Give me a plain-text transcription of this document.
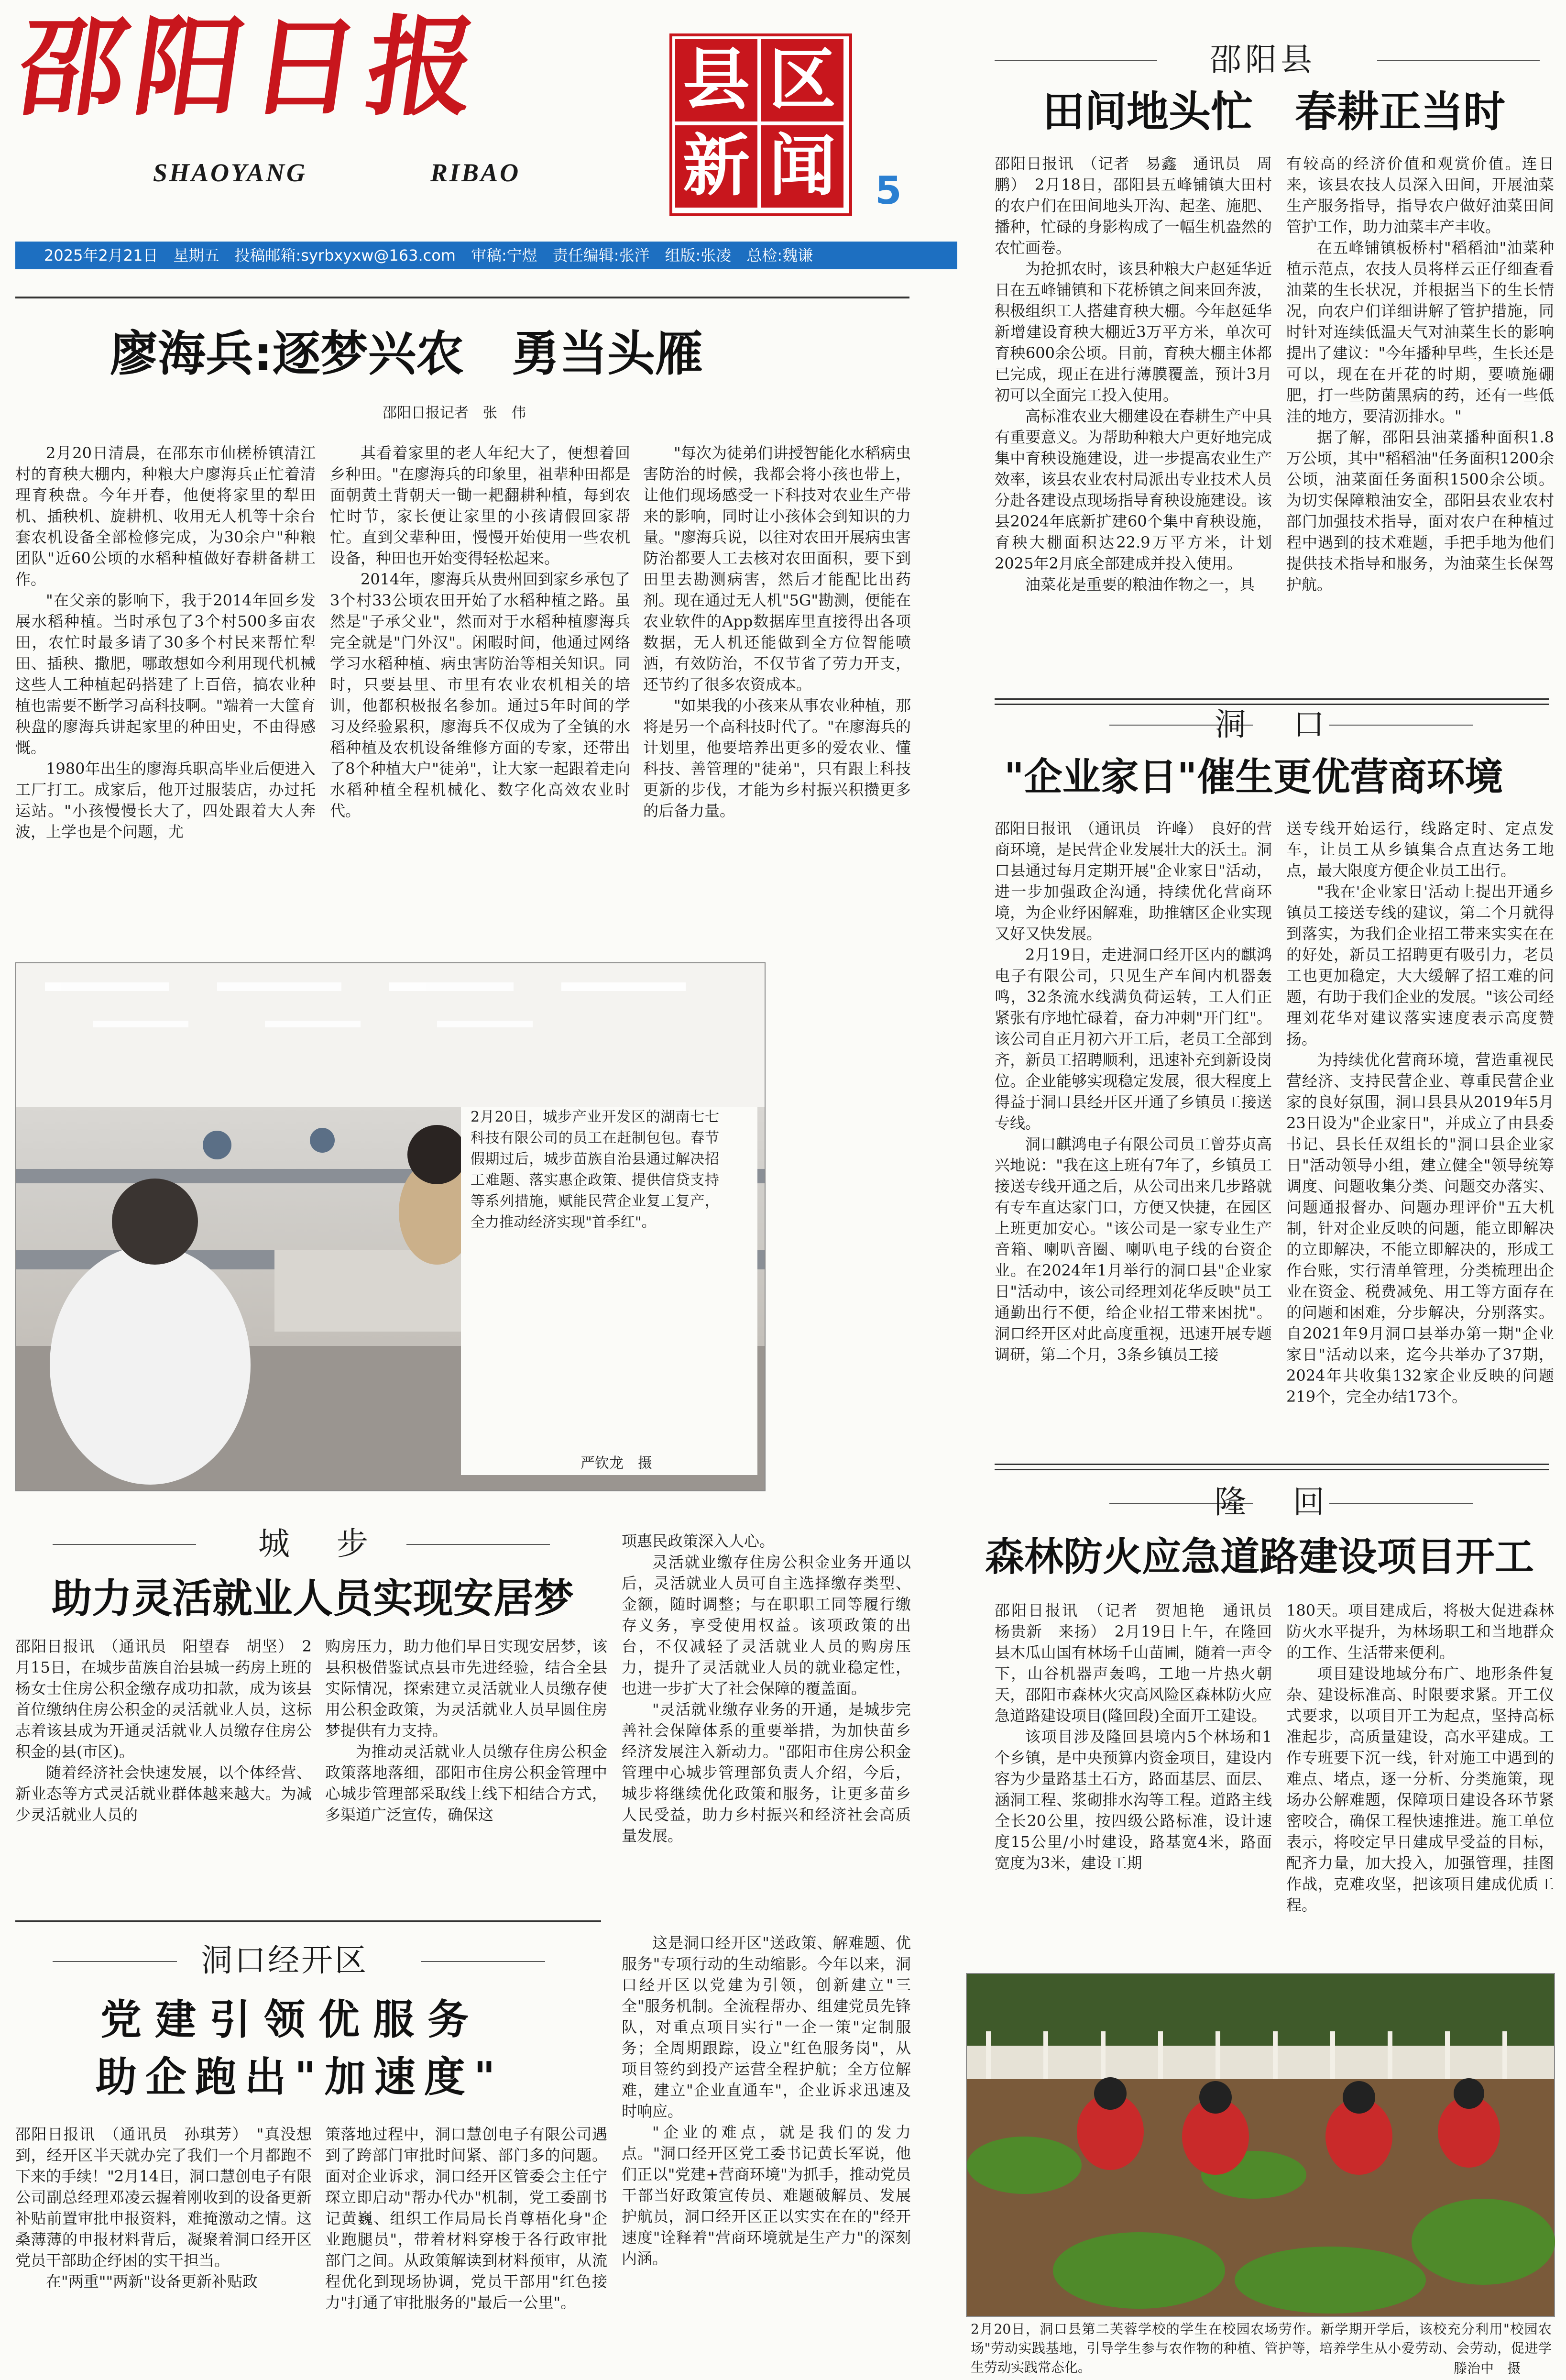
邵阳日报
SHAOYANG	RIBAO
县 区
新 闻 5
2025年2月21日　星期五　投稿邮箱:syrbxyxw@163.com　审稿:宁煜　责任编辑:张洋　组版:张凌　总检:魏谦
廖海兵:逐梦兴农　勇当头雁
邵阳日报记者　张　伟

2月20日清晨，在邵东市仙槎桥镇清江村的育秧大棚内，种粮大户廖海兵正忙着清理育秧盘。今年开春，他便将家里的犁田机、插秧机、旋耕机、收用无人机等十余台套农机设备全部检修完成，为30余户"种粮团队"近60公顷的水稻种植做好春耕备耕工作。

"在父亲的影响下，我于2014年回乡发展水稻种植。当时承包了3个村500多亩农田，农忙时最多请了30多个村民来帮忙犁田、插秧、撒肥，哪敢想如今利用现代机械这些人工种植起码搭建了上百倍，搞农业种植也需要不断学习高科技啊。"端着一大筐育秧盘的廖海兵讲起家里的种田史，不由得感慨。

1980年出生的廖海兵职高毕业后便进入工厂打工。成家后，他开过服装店，办过托运站。"小孩慢慢长大了，四处跟着大人奔波，上学也是个问题，尤

其看着家里的老人年纪大了，便想着回乡种田。"在廖海兵的印象里，祖辈种田都是面朝黄土背朝天一锄一耙翻耕种植，每到农忙时节，家长便让家里的小孩请假回家帮忙。直到父辈种田，慢慢开始使用一些农机设备，种田也开始变得轻松起来。

2014年，廖海兵从贵州回到家乡承包了3个村33公顷农田开始了水稻种植之路。虽然是"子承父业"，然而对于水稻种植廖海兵完全就是"门外汉"。闲暇时间，他通过网络学习水稻种植、病虫害防治等相关知识。同时，只要县里、市里有农业农机相关的培训，他都积极报名参加。通过5年时间的学习及经验累积，廖海兵不仅成为了全镇的水稻种植及农机设备维修方面的专家，还带出了8个种植大户"徒弟"，让大家一起跟着走向水稻种植全程机械化、数字化高效农业时代。

"每次为徒弟们讲授智能化水稻病虫害防治的时候，我都会将小孩也带上，让他们现场感受一下科技对农业生产带来的影响，同时让小孩体会到知识的力量。"廖海兵说，以往对农田开展病虫害防治都要人工去核对农田面积，要下到田里去勘测病害，然后才能配比出药剂。现在通过无人机"5G"勘测，便能在农业软件的App数据库里直接得出各项数据，无人机还能做到全方位智能喷洒，有效防治，不仅节省了劳力开支，还节约了很多农资成本。

"如果我的小孩来从事农业种植，那将是另一个高科技时代了。"在廖海兵的计划里，他要培养出更多的爱农业、懂科技、善管理的"徒弟"，只有跟上科技更新的步伐，才能为乡村振兴积攒更多的后备力量。

2月20日，城步产业开发区的湖南七七科技有限公司的员工在赶制包包。春节假期过后，城步苗族自治县通过解决招工难题、落实惠企政策、提供信贷支持等系列措施，赋能民营企业复工复产，全力推动经济实现"首季红"。
严钦龙　摄
城　步
助力灵活就业人员实现安居梦

邵阳日报讯　（通讯员　阳望春　胡坚）　2月15日，在城步苗族自治县城一药房上班的杨女士住房公积金缴存成功扣款，成为该县首位缴纳住房公积金的灵活就业人员，这标志着该县成为开通灵活就业人员缴存住房公积金的县(市区)。

随着经济社会快速发展，以个体经营、新业态等方式灵活就业群体越来越大。为减少灵活就业人员的

购房压力，助力他们早日实现安居梦，该县积极借鉴试点县市先进经验，结合全县实际情况，探索建立灵活就业人员缴存使用公积金政策，为灵活就业人员早圆住房梦提供有力支持。

为推动灵活就业人员缴存住房公积金政策落地落细，邵阳市住房公积金管理中心城步管理部采取线上线下相结合方式，多渠道广泛宣传，确保这

项惠民政策深入人心。

灵活就业缴存住房公积金业务开通以后，灵活就业人员可自主选择缴存类型、金额，随时调整；与在职职工同等履行缴存义务，享受使用权益。该项政策的出台，不仅减轻了灵活就业人员的购房压力，提升了灵活就业人员的就业稳定性，也进一步扩大了社会保障的覆盖面。

"灵活就业缴存业务的开通，是城步完善社会保障体系的重要举措，为加快苗乡经济发展注入新动力。"邵阳市住房公积金管理中心城步管理部负责人介绍，今后，城步将继续优化政策和服务，让更多苗乡人民受益，助力乡村振兴和经济社会高质量发展。

洞口经开区
党建引领优服务
助企跑出"加速度"

邵阳日报讯　（通讯员　孙琪芳）　"真没想到，经开区半天就办完了我们一个月都跑不下来的手续！"2月14日，洞口慧创电子有限公司副总经理邓凌云握着刚收到的设备更新补贴前置审批申报资料，难掩激动之情。这桑薄薄的申报材料背后，凝聚着洞口经开区党员干部助企纾困的实干担当。

在"两重""两新"设备更新补贴政

策落地过程中，洞口慧创电子有限公司遇到了跨部门审批时间紧、部门多的问题。面对企业诉求，洞口经开区管委会主任宁琛立即启动"帮办代办"机制，党工委副书记黄巍、组织工作局局长肖尊梧化身"企业跑腿员"，带着材料穿梭于各行政审批部门之间。从政策解读到材料预审，从流程优化到现场协调，党员干部用"红色接力"打通了审批服务的"最后一公里"。

这是洞口经开区"送政策、解难题、优服务"专项行动的生动缩影。今年以来，洞口经开区以党建为引领，创新建立"三全"服务机制。全流程帮办、组建党员先锋队，对重点项目实行"一企一策"定制服务；全周期跟踪，设立"红色服务岗"，从项目签约到投产运营全程护航；全方位解难，建立"企业直通车"，企业诉求迅速及时响应。

"企业的难点，就是我们的发力点。"洞口经开区党工委书记黄长军说，他们正以"党建+营商环境"为抓手，推动党员干部当好政策宣传员、难题破解员、发展护航员，洞口经开区正以实实在在的"经开速度"诠释着"营商环境就是生产力"的深刻内涵。

邵阳县
田间地头忙　春耕正当时

邵阳日报讯　（记者　易鑫　通讯员　周鹏）　2月18日，邵阳县五峰铺镇大田村的农户们在田间地头开沟、起垄、施肥、播种，忙碌的身影构成了一幅生机盎然的农忙画卷。

为抢抓农时，该县种粮大户赵延华近日在五峰铺镇和下花桥镇之间来回奔波，积极组织工人搭建育秧大棚。今年赵延华新增建设育秧大棚近3万平方米，单次可育秧600余公顷。目前，育秧大棚主体都已完成，现正在进行薄膜覆盖，预计3月初可以全面完工投入使用。

高标准农业大棚建设在春耕生产中具有重要意义。为帮助种粮大户更好地完成集中育秧设施建设，进一步提高农业生产效率，该县农业农村局派出专业技术人员分赴各建设点现场指导育秧设施建设。该县2024年底新扩建60个集中育秧设施，育秧大棚面积达22.9万平方米，计划2025年2月底全部建成并投入使用。

油菜花是重要的粮油作物之一，具

有较高的经济价值和观赏价值。连日来，该县农技人员深入田间，开展油菜生产服务指导，指导农户做好油菜田间管护工作，助力油菜丰产丰收。

在五峰铺镇板桥村"稻稻油"油菜种植示范点，农技人员将样云正仔细查看油菜的生长状况，并根据当下的生长情况，向农户们详细讲解了管护措施，同时针对连续低温天气对油菜生长的影响提出了建议："今年播种早些，生长还是可以，现在在开花的时期，要喷施硼肥，打一些防菌黑病的药，还有一些低洼的地方，要清沥排水。"

据了解，邵阳县油菜播种面积1.8万公顷，其中"稻稻油"任务面积1200余公顷，油菜面任务面积1500余公顷。为切实保障粮油安全，邵阳县农业农村部门加强技术指导，面对农户在种植过程中遇到的技术难题，手把手地为他们提供技术指导和服务，为油菜生长保驾护航。

洞　口
"企业家日"催生更优营商环境

邵阳日报讯　（通讯员　许峰）　良好的营商环境，是民营企业发展壮大的沃土。洞口县通过每月定期开展"企业家日"活动，进一步加强政企沟通，持续优化营商环境，为企业纾困解难，助推辖区企业实现又好又快发展。

2月19日，走进洞口经开区内的麒鸿电子有限公司，只见生产车间内机器轰鸣，32条流水线满负荷运转，工人们正紧张有序地忙碌着，奋力冲刺"开门红"。该公司自正月初六开工后，老员工全部到齐，新员工招聘顺利，迅速补充到新设岗位。企业能够实现稳定发展，很大程度上得益于洞口县经开区开通了乡镇员工接送专线。

洞口麒鸿电子有限公司员工曾芬贞高兴地说："我在这上班有7年了，乡镇员工接送专线开通之后，从公司出来几步路就有专车直达家门口，方便又快捷，在园区上班更加安心。"该公司是一家专业生产音箱、喇叭音圈、喇叭电子线的台资企业。在2024年1月举行的洞口县"企业家日"活动中，该公司经理刘花华反映"员工通勤出行不便，给企业招工带来困扰"。洞口经开区对此高度重视，迅速开展专题调研，第二个月，3条乡镇员工接

送专线开始运行，线路定时、定点发车，让员工从乡镇集合点直达务工地点，最大限度方便企业员工出行。

"我在'企业家日'活动上提出开通乡镇员工接送专线的建议，第二个月就得到落实，为我们企业招工带来实实在在的好处，新员工招聘更有吸引力，老员工也更加稳定，大大缓解了招工难的问题，有助于我们企业的发展。"该公司经理刘花华对建议落实速度表示高度赞扬。

为持续优化营商环境，营造重视民营经济、支持民营企业、尊重民营企业家的良好氛围，洞口县县从2019年5月23日设为"企业家日"，并成立了由县委书记、县长任双组长的"洞口县企业家日"活动领导小组，建立健全"领导统筹调度、问题收集分类、问题交办落实、问题通报督办、问题办理评价"五大机制，针对企业反映的问题，能立即解决的立即解决，不能立即解决的，形成工作台账，实行清单管理，分类梳理出企业在资金、税费减免、用工等方面存在的问题和困难，分步解决，分别落实。自2021年9月洞口县举办第一期"企业家日"活动以来，迄今共举办了37期，2024年共收集132家企业反映的问题219个，完全办结173个。

隆　回
森林防火应急道路建设项目开工

邵阳日报讯　（记者　贺旭艳　通讯员　杨贵新　来扬）　2月19日上午，在隆回县木瓜山国有林场千山苗圃，随着一声令下，山谷机器声轰鸣，工地一片热火朝天，邵阳市森林火灾高风险区森林防火应急道路建设项目(隆回段)全面开工建设。

该项目涉及隆回县境内5个林场和1个乡镇，是中央预算内资金项目，建设内容为少量路基土石方，路面基层、面层、涵洞工程、浆砌排水沟等工程。道路主线全长20公里，按四级公路标准，设计速度15公里/小时建设，路基宽4米，路面宽度为3米，建设工期

180天。项目建成后，将极大促进森林防火水平提升，为林场职工和当地群众的工作、生活带来便利。

项目建设地域分布广、地形条件复杂、建设标准高、时限要求紧。开工仪式要求，以项目开工为起点，坚持高标准起步，高质量建设，高水平建成。工作专班要下沉一线，针对施工中遇到的难点、堵点，逐一分析、分类施策，现场办公解难题，保障项目建设各环节紧密咬合，确保工程快速推进。施工单位表示，将咬定早日建成早受益的目标，配齐力量，加大投入，加强管理，挂图作战，克难攻坚，把该项目建成优质工程。

2月20日，洞口县第二芙蓉学校的学生在校园农场劳作。新学期开学后，该校充分利用"校园农场"劳动实践基地，引导学生参与农作物的种植、管护等，培养学生从小爱劳动、会劳动，促进学生劳动实践常态化。	滕治中　摄
